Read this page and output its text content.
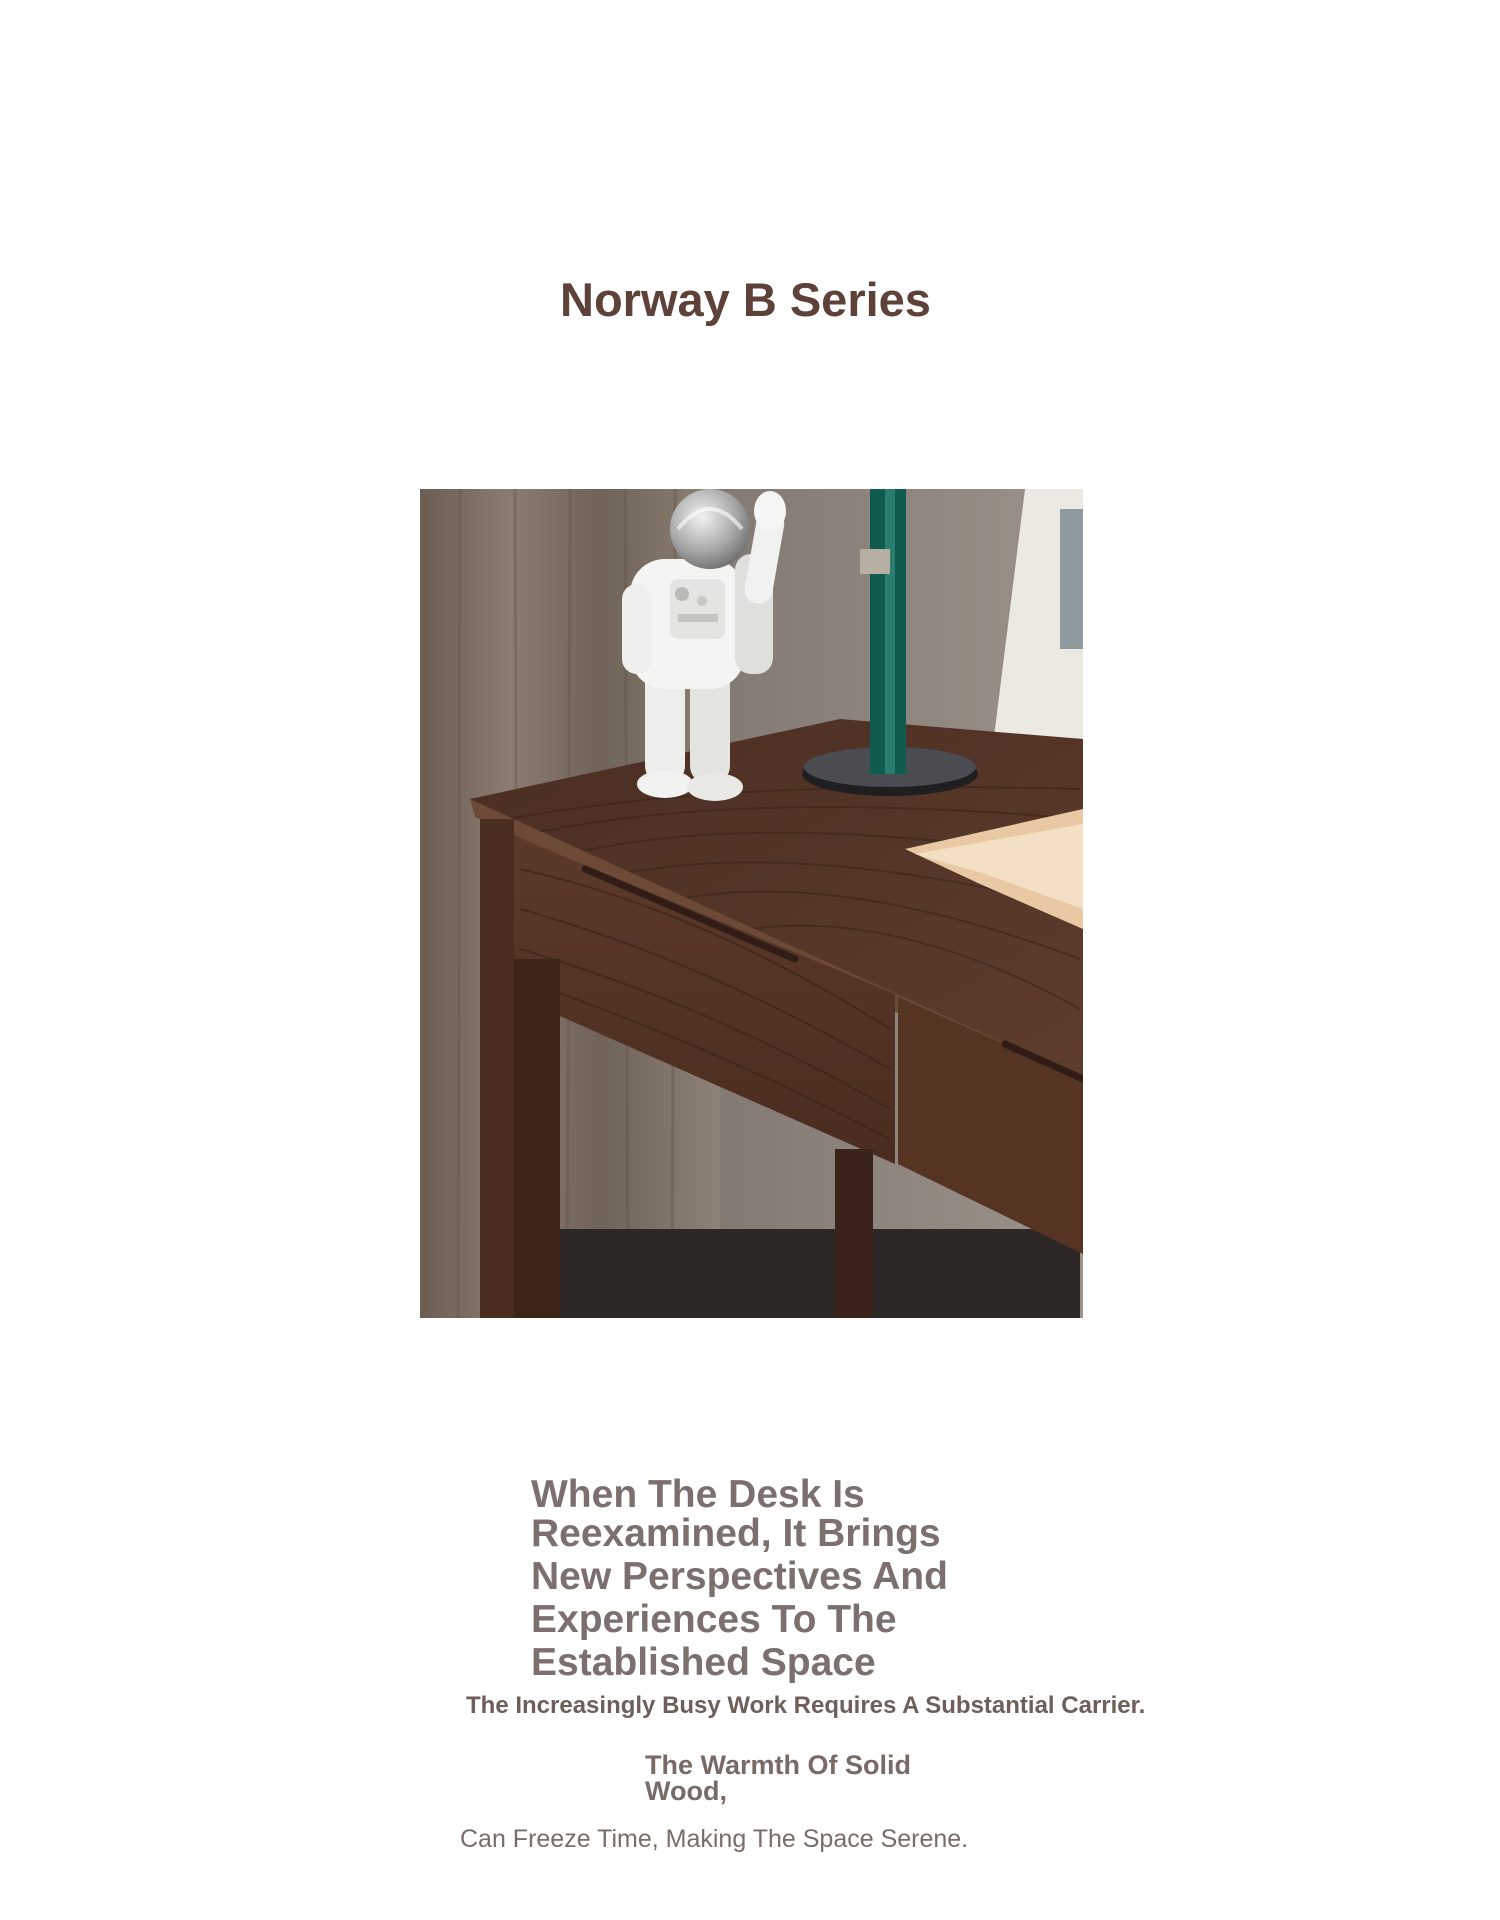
Norway B Series
When The Desk Is
Reexamined, It Brings New Perspectives And Experiences To The Established Space
The Increasingly Busy Work Requires A Substantial Carrier.
The Warmth Of Solid Wood,
Can Freeze Time, Making The Space Serene.
